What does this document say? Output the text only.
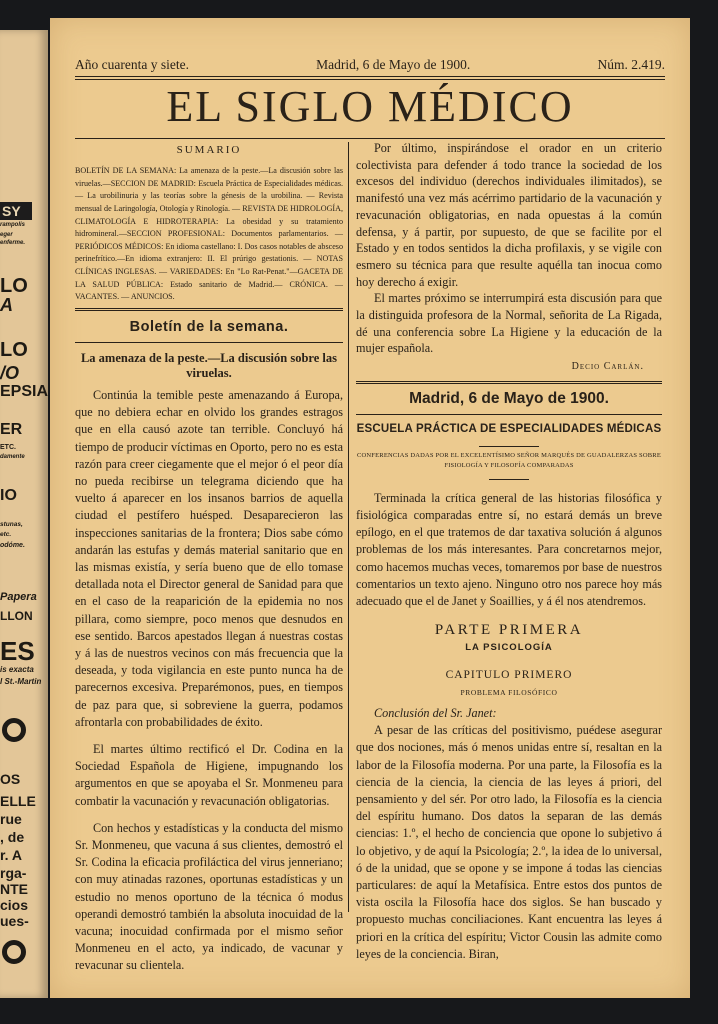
SY
rampolis
eger
enferme.
LO
A
LO
/O
EPSIA
ER
ETC.
damente
IO
stunas,
etc.
odóme.
Papera
LLON
ES
is exacta
l St.-Martin
OS
ELLE
rue
, de
r. A
rga-
NTE
cios
ues-
Año cuarenta y siete.	Madrid, 6 de Mayo de 1900.	Núm. 2.419.
EL SIGLO MÉDICO
SUMARIO
BOLETÍN DE LA SEMANA: La amenaza de la peste.—La discusión sobre las viruelas.—SECCION DE MADRID: Escuela Práctica de Especialidades médicas. — La urobilinuria y las teorías sobre la génesis de la urobilina. — Revista mensual de Laringología, Otología y Rinología. — REVISTA DE HIDROLOGÍA, CLIMATOLOGÍA E HIDROTERAPIA: La obesidad y su tratamiento hidromineral.—SECCION PROFESIONAL: Documentos parlamentarios. — PERIÓDICOS MÉDICOS: En idioma castellano: I. Dos casos notables de absceso perinefrítico.—En idioma extranjero: II. El prúrigo gestationis. — NOTAS CLÍNICAS INGLESAS. — VARIEDADES: En "Lo Rat-Penat."—GACETA DE LA SALUD PÚBLICA: Estado sanitario de Madrid.— CRÓNICA. — VACANTES. — ANUNCIOS.
Boletín de la semana.
La amenaza de la peste.—La discusión sobre las viruelas.

Continúa la temible peste amenazando á Europa, que no debiera echar en olvido los grandes estragos que en ella causó azote tan terrible. Concluyó há tiempo de producir víctimas en Oporto, pero no es esta razón para creer ciegamente que el mejor ó el peor día no pueda recibirse un telegrama diciendo que ha vuelto á aparecer en los insanos barrios de aquella ciudad el pestífero huésped. Desaparecieron las inspecciones sanitarias de la frontera; Dios sabe cómo andarán las estufas y demás material sanitario que en las mismas existía, y sería bueno que de ello tomase detallada nota el Director general de Sanidad para que en el caso de la reaparición de la epidemia no nos pillara, como siempre, poco menos que desnudos en ese sentido. Barcos apestados llegan á nuestras costas y á las de nuestros vecinos con más frecuencia que la deseada, y toda vigilancia en este punto nunca ha de parecernos excesiva. Preparémonos, pues, en tiempos de paz para que, si sobreviene la guerra, podamos afrontarla con probabilidades de éxito.

El martes último rectificó el Dr. Codina en la Sociedad Española de Higiene, impugnando los argumentos en que se apoyaba el Sr. Monmeneu para combatir la vacunación y revacunación obligatorias.

Con hechos y estadísticas y la conducta del mismo Sr. Monmeneu, que vacuna á sus clientes, demostró el Sr. Codina la eficacia profiláctica del virus jenneriano; con muy atinadas razones, oportunas estadísticas y un estudio no menos oportuno de la técnica ó modus operandi demostró también la absoluta inocuidad de la vacuna; inocuidad confirmada por el mismo señor Monmeneu en el acto, ya indicado, de vacunar y revacunar su clientela.

Por último, inspirándose el orador en un criterio colectivista para defender á todo trance la sociedad de los excesos del individuo (derechos individuales ilimitados), se manifestó una vez más acérrimo partidario de la vacunación y revacunación obligatorias, en nada opuestas á la común defensa, y á partir, por supuesto, de que se facilite por el Estado y en todos sentidos la dicha profilaxis, y se vigile con esmero su técnica para que resulte aquélla tan inocua como hoy derecho á exigir.

El martes próximo se interrumpirá esta discusión para que la distinguida profesora de la Normal, señorita de La Rigada, dé una conferencia sobre La Higiene y la educación de la mujer española.

Decio Carlán.
Madrid, 6 de Mayo de 1900.
ESCUELA PRÁCTICA DE ESPECIALIDADES MÉDICAS
CONFERENCIAS DADAS POR EL EXCELENTÍSIMO SEÑOR MARQUÉS DE GUADALERZAS SOBRE FISIOLOGÍA Y FILOSOFÍA COMPARADAS

Terminada la crítica general de las historias filosófica y fisiológica comparadas entre sí, no estará demás un breve epílogo, en el que tratemos de dar taxativa solución á algunos problemas de los más interesantes. Para concretarnos mejor, como hacemos muchas veces, tomaremos por base de nuestros comentarios un texto ajeno. Ninguno otro nos parece hoy más adecuado que el de Janet y Soaillies, y á él nos atendremos.

PARTE PRIMERA
LA PSICOLOGÍA
CAPITULO PRIMERO
PROBLEMA FILOSÓFICO
Conclusión del Sr. Janet:

A pesar de las críticas del positivismo, puédese asegurar que dos nociones, más ó menos unidas entre sí, resaltan en la labor de la Filosofía moderna. Por una parte, la Filosofía es la ciencia de la ciencia, la ciencia de las leyes á priori, del pensamiento y del sér. Por otro lado, la Filosofía es la ciencia del espíritu humano. Dos datos la separan de las demás ciencias: 1.º, el hecho de conciencia que opone lo subjetivo á lo objetivo, y de aquí la Psicología; 2.º, la idea de lo universal, ó de la unidad, que se opone y se impone á todas las ciencias particulares: de aquí la Metafísica. Entre estos dos puntos de vista oscila la Filosofía hace dos siglos. Se han buscado y propuesto muchas conciliaciones. Kant encuentra las leyes á priori en la crítica del espíritu; Victor Cousin las admite como leyes de la conciencia. Biran,
